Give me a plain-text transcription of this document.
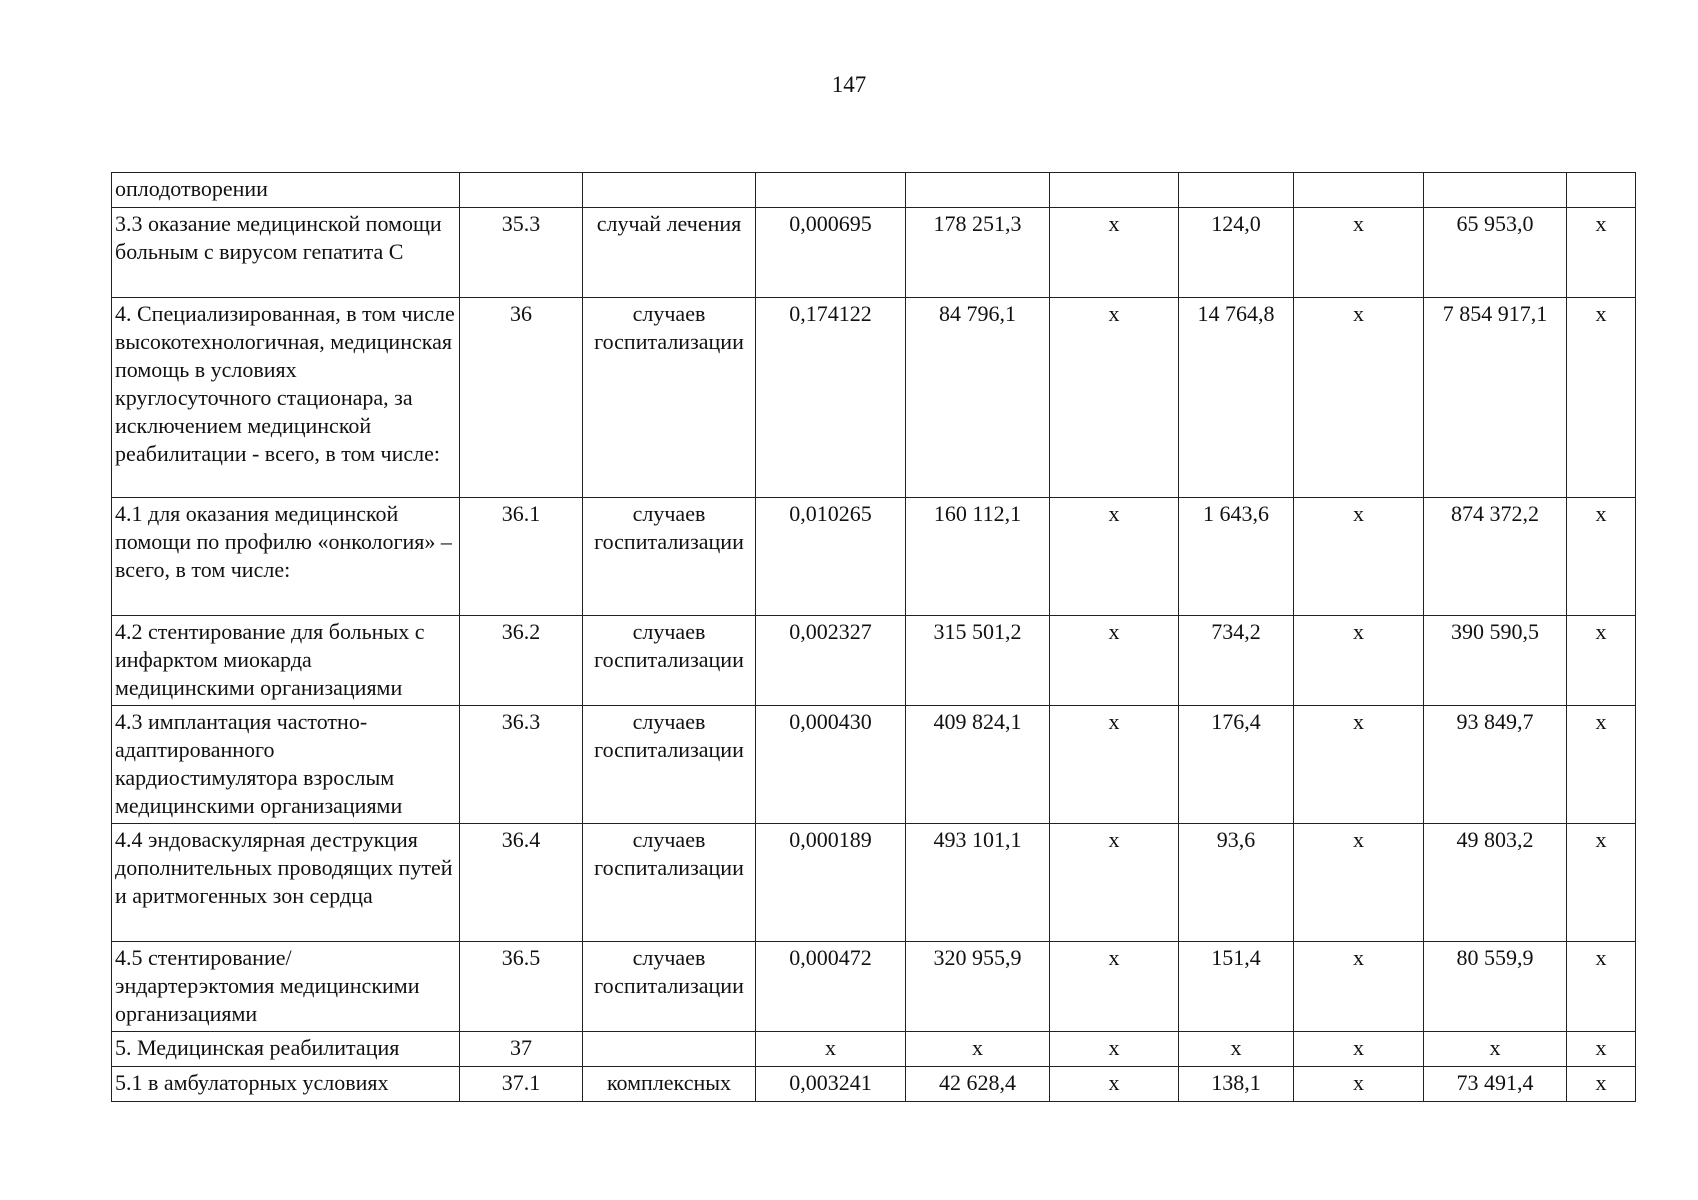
147
оплодотворении									
3.3 оказание медицинской помощи больным с вирусом гепатита С	35.3	случай лечения	0,000695	178 251,3	х	124,0	х	65 953,0	х
4. Специализированная, в том числе высокотехнологичная, медицинская помощь в условиях круглосуточного стационара, за исключением медицинской реабилитации - всего, в том числе:	36	случаев госпитализации	0,174122	84 796,1	х	14 764,8	х	7 854 917,1	х
4.1 для оказания медицинской помощи по профилю «онкология» – всего, в том числе:	36.1	случаев госпитализации	0,010265	160 112,1	х	1 643,6	х	874 372,2	х
4.2 стентирование для больных с инфарктом миокарда медицинскими организациями	36.2	случаев госпитализации	0,002327	315 501,2	х	734,2	х	390 590,5	х
4.3 имплантация частотно-адаптированного кардиостимулятора взрослым медицинскими организациями	36.3	случаев госпитализации	0,000430	409 824,1	х	176,4	х	93 849,7	х
4.4 эндоваскулярная деструкция дополнительных проводящих путей и аритмогенных зон сердца	36.4	случаев госпитализации	0,000189	493 101,1	х	93,6	х	49 803,2	х
4.5 стентирование/ эндартерэктомия медицинскими организациями	36.5	случаев госпитализации	0,000472	320 955,9	х	151,4	х	80 559,9	х
5. Медицинская реабилитация	37		х	х	х	х	х	х	х
5.1 в амбулаторных условиях	37.1	комплексных	0,003241	42 628,4	х	138,1	х	73 491,4	х
